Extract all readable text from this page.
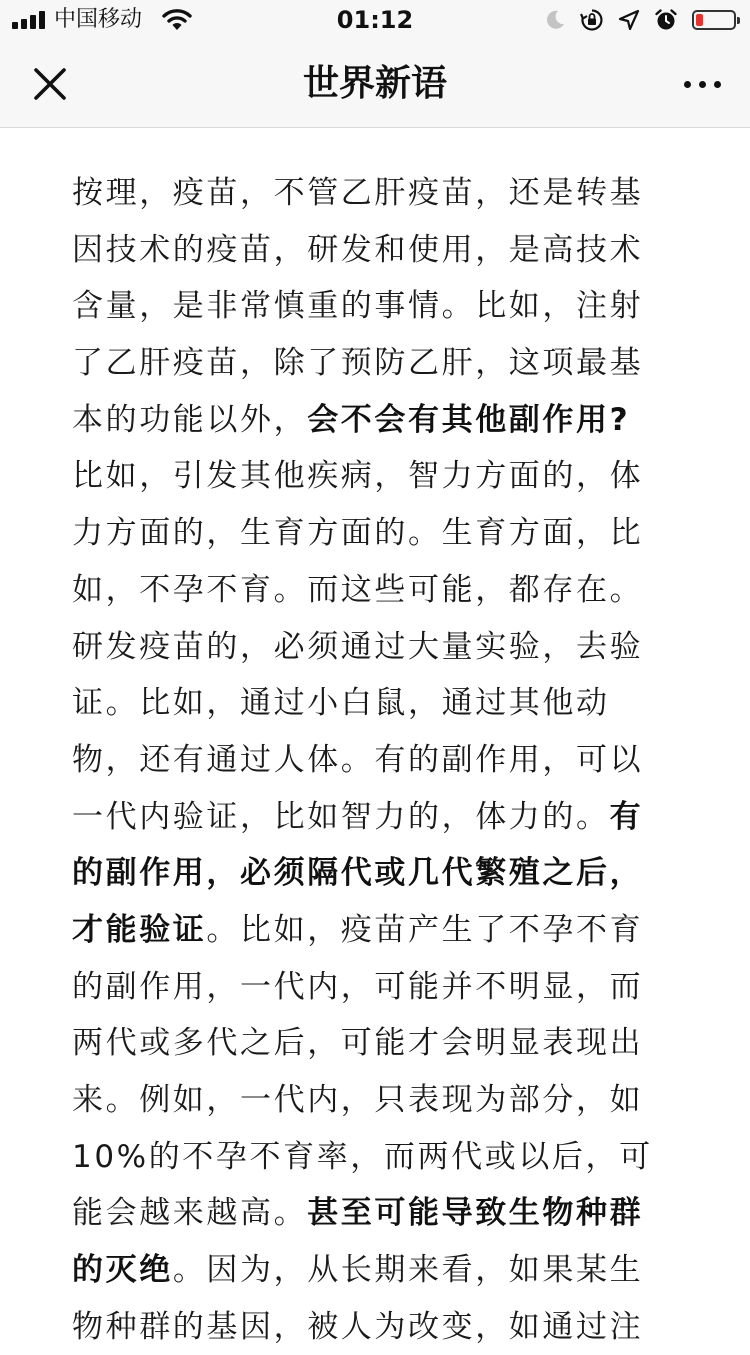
中国移动	01:12
世界新语
按理，疫苗，不管乙肝疫苗，还是转基
因技术的疫苗，研发和使用，是高技术
含量，是非常慎重的事情。比如，注射
了乙肝疫苗，除了预防乙肝，这项最基
本的功能以外，会不会有其他副作用?
比如，引发其他疾病，智力方面的，体
力方面的，生育方面的。生育方面，比
如，不孕不育。而这些可能，都存在。
研发疫苗的，必须通过大量实验，去验
证。比如，通过小白鼠，通过其他动
物，还有通过人体。有的副作用，可以
一代内验证，比如智力的，体力的。有
的副作用，必须隔代或几代繁殖之后，
才能验证。比如，疫苗产生了不孕不育
的副作用，一代内，可能并不明显，而
两代或多代之后，可能才会明显表现出
来。例如，一代内，只表现为部分，如
10%的不孕不育率，而两代或以后，可
能会越来越高。甚至可能导致生物种群
的灭绝。因为，从长期来看，如果某生
物种群的基因，被人为改变，如通过注
